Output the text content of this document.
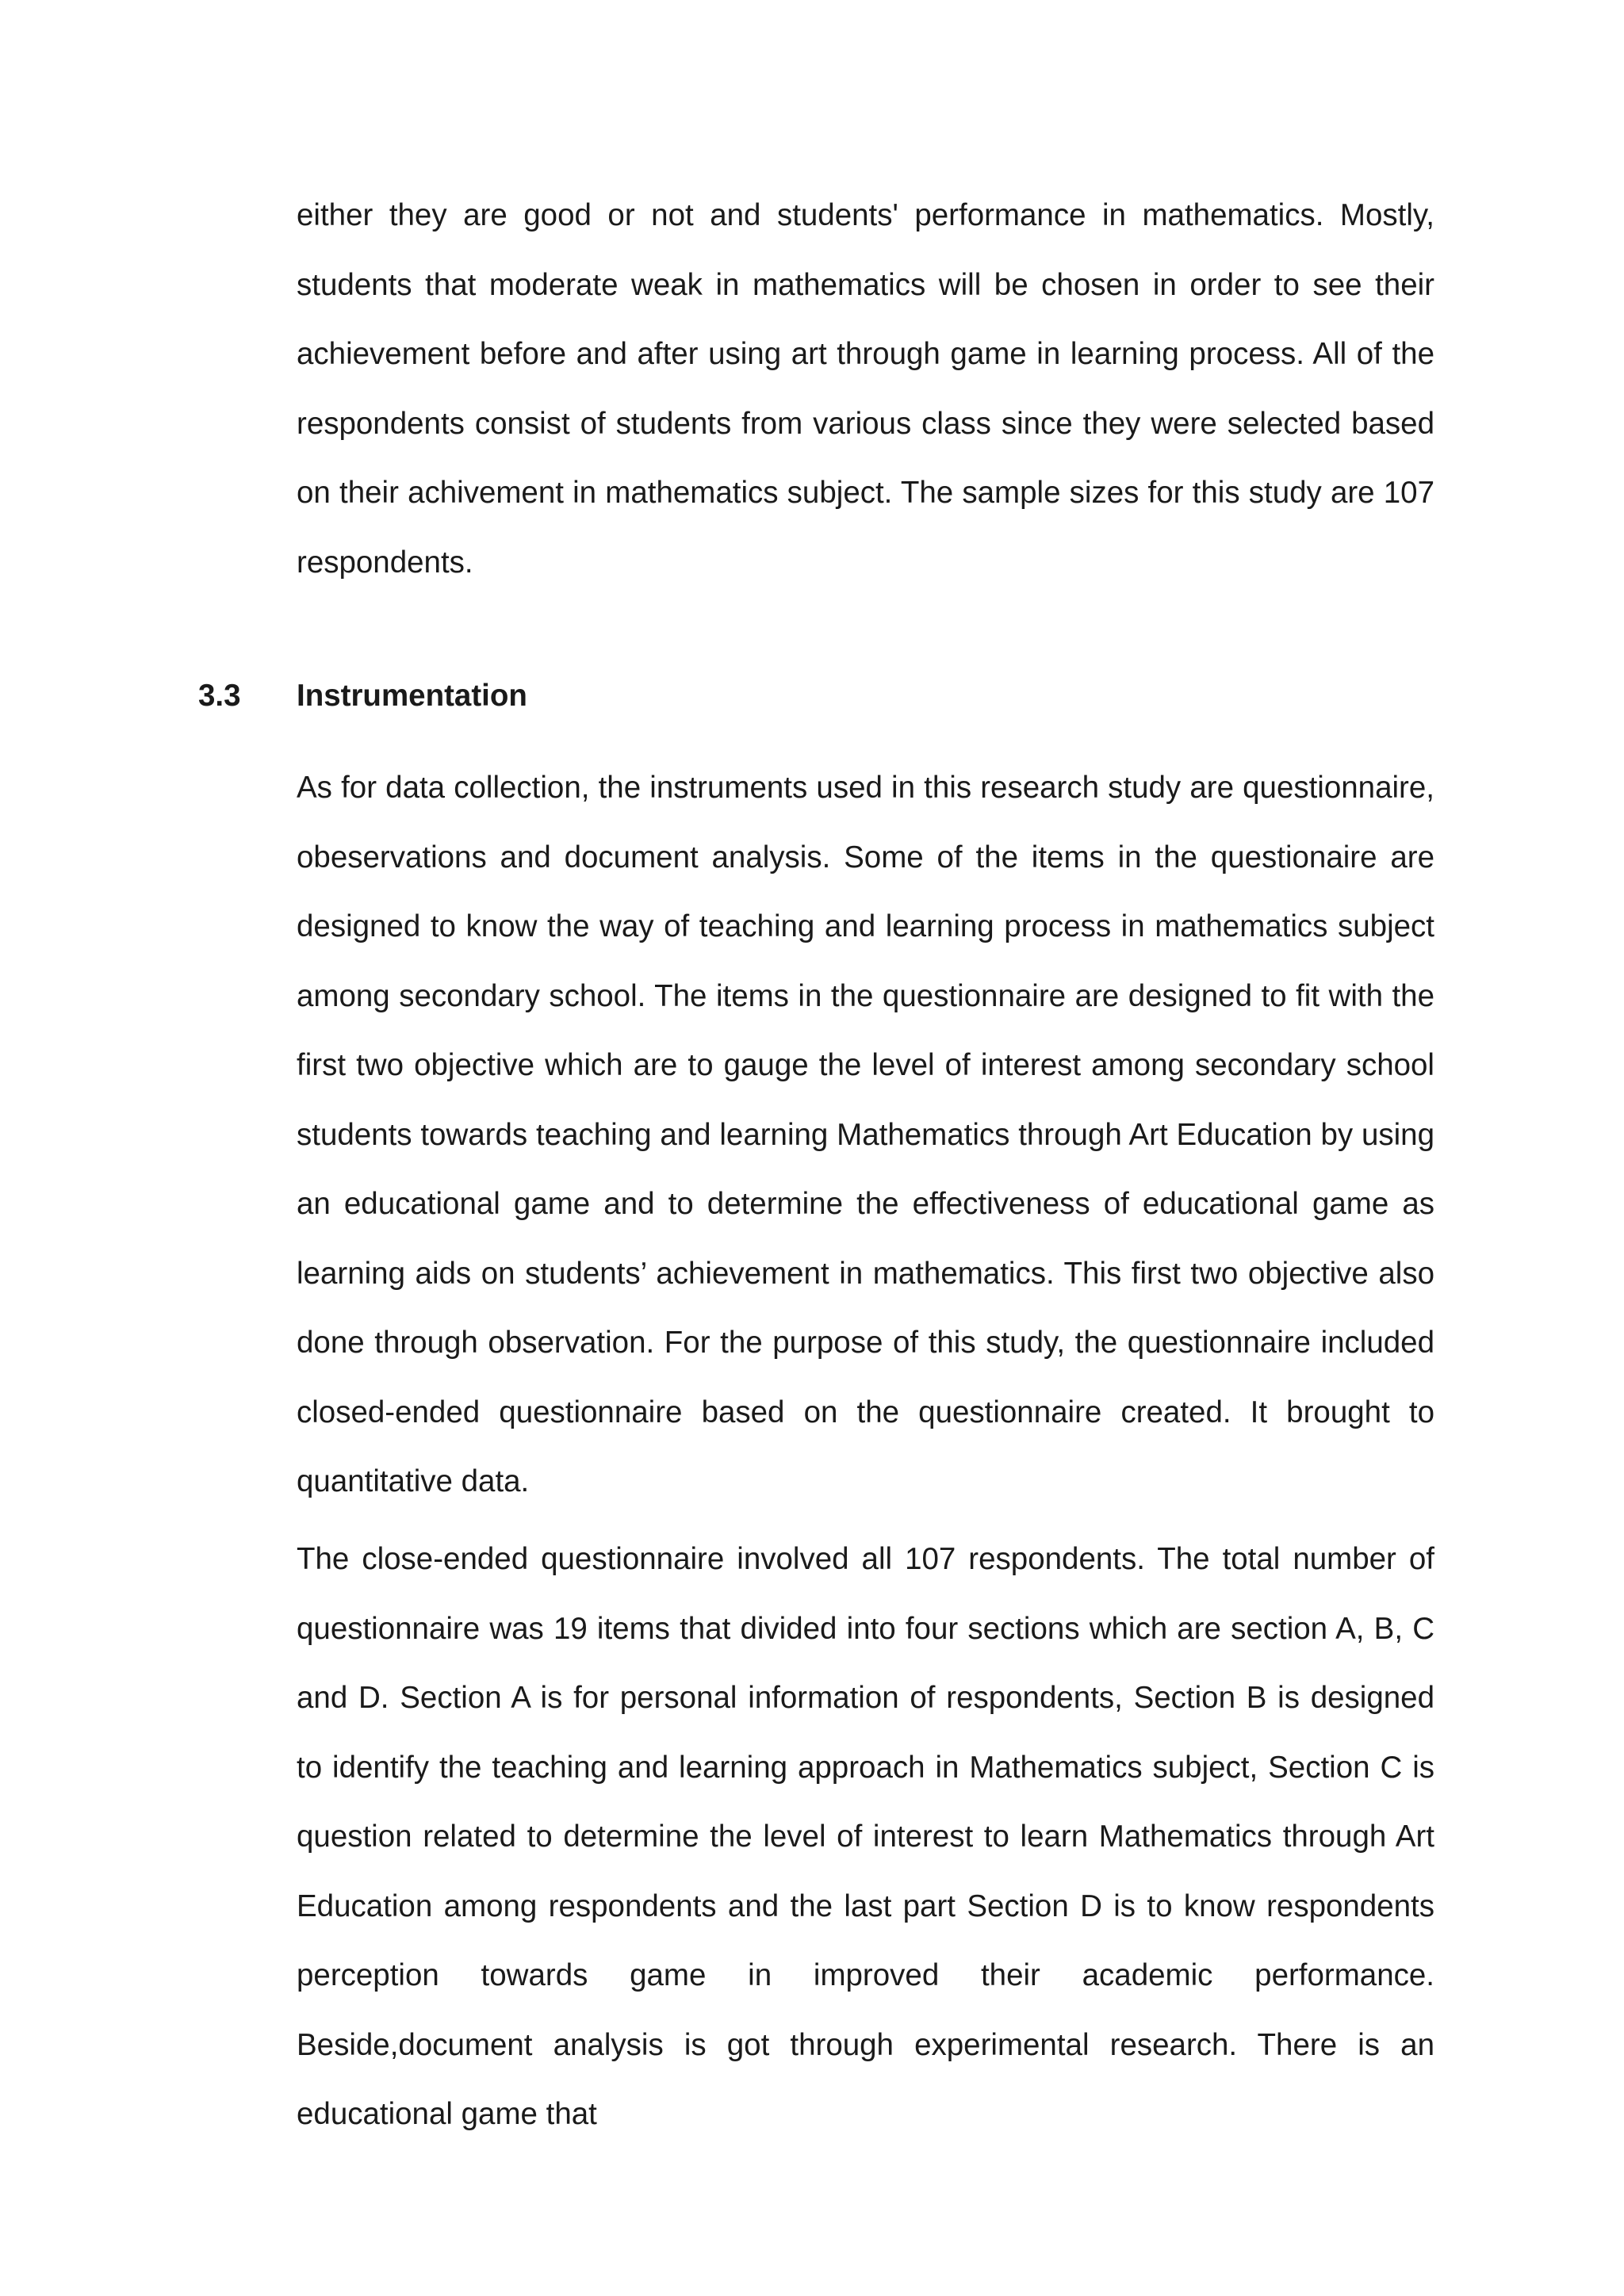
either they are good or not and students' performance in mathematics. Mostly, students that moderate weak in mathematics will be chosen in order to see their achievement before and after using art through game in learning process. All of the respondents consist of students from various class since they were selected based on their achivement in mathematics subject. The sample sizes for this study are 107 respondents.

3.3 Instrumentation

As for data collection, the instruments used in this research study are questionnaire, obeservations and document analysis. Some of the items in the questionaire are designed to know the way of teaching and learning process in mathematics subject among secondary school. The items in the questionnaire are designed to fit with the first two objective which are to gauge the level of interest among secondary school students towards teaching and learning Mathematics through Art Education by using an educational game and to determine the effectiveness of educational game as learning aids on students’ achievement in mathematics. This first two objective also done through observation. For the purpose of this study, the questionnaire included closed-ended questionnaire based on the questionnaire created. It brought to quantitative data.

The close-ended questionnaire involved all 107 respondents. The total number of questionnaire was 19 items that divided into four sections which are section A, B, C and D. Section A is for personal information of respondents, Section B is designed to identify the teaching and learning approach in Mathematics subject, Section C is question related to determine the level of interest to learn Mathematics through Art Education among respondents and the last part Section D is to know respondents perception towards game in improved their academic performance. Beside,document analysis is got through experimental research. There is an educational game that
